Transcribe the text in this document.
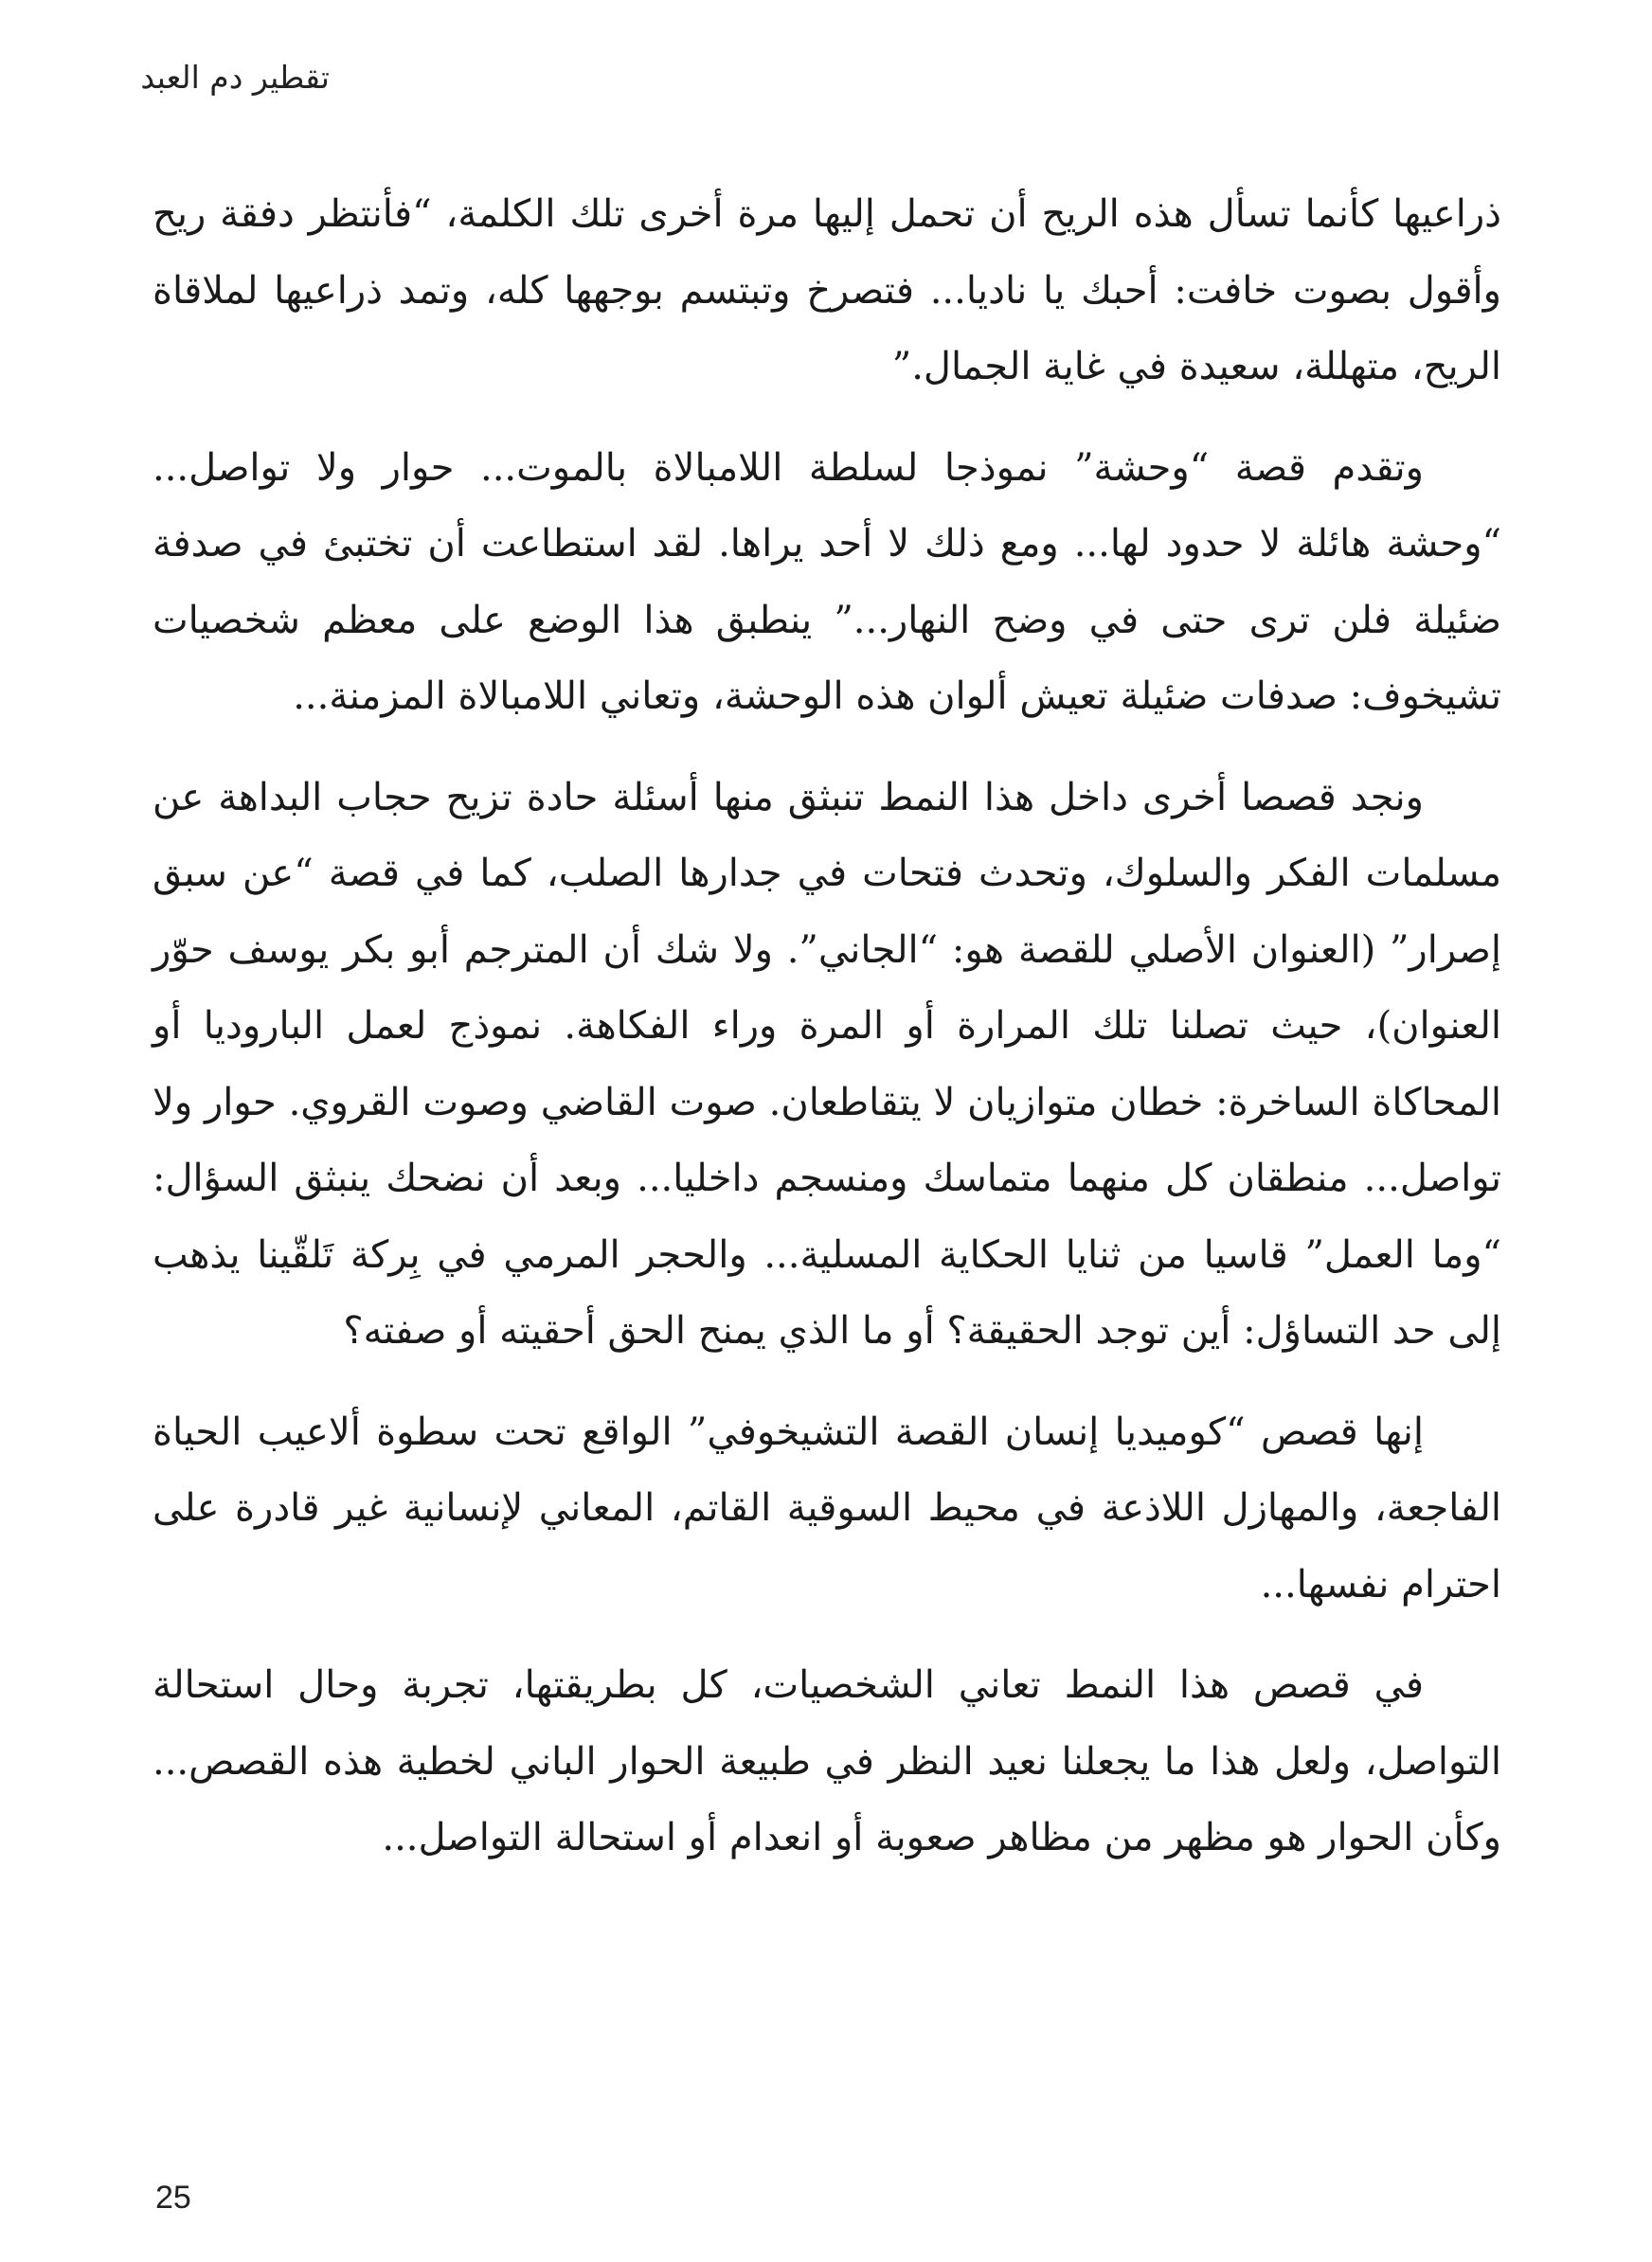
تقطير دم العبد

ذراعيها كأنما تسأل هذه الريح أن تحمل إليها مرة أخرى تلك الكلمة، “فأنتظر دفقة ريح وأقول بصوت خافت: أحبك يا ناديا... فتصرخ وتبتسم بوجهها كله، وتمد ذراعيها لملاقاة الريح، متهللة، سعيدة في غاية الجمال.”

وتقدم قصة “وحشة” نموذجا لسلطة اللامبالاة بالموت... حوار ولا تواصل... “وحشة هائلة لا حدود لها... ومع ذلك لا أحد يراها. لقد استطاعت أن تختبئ في صدفة ضئيلة فلن ترى حتى في وضح النهار...” ينطبق هذا الوضع على معظم شخصيات تشيخوف: صدفات ضئيلة تعيش ألوان هذه الوحشة، وتعاني اللامبالاة المزمنة...

ونجد قصصا أخرى داخل هذا النمط تنبثق منها أسئلة حادة تزيح حجاب البداهة عن مسلمات الفكر والسلوك، وتحدث فتحات في جدارها الصلب، كما في قصة “عن سبق إصرار” (العنوان الأصلي للقصة هو: “الجاني”. ولا شك أن المترجم أبو بكر يوسف حوّر العنوان)، حيث تصلنا تلك المرارة أو المرة وراء الفكاهة. نموذج لعمل الباروديا أو المحاكاة الساخرة: خطان متوازيان لا يتقاطعان. صوت القاضي وصوت القروي. حوار ولا تواصل... منطقان كل منهما متماسك ومنسجم داخليا... وبعد أن نضحك ينبثق السؤال: “وما العمل” قاسيا من ثنايا الحكاية المسلية... والحجر المرمي في بِركة تَلقّينا يذهب إلى حد التساؤل: أين توجد الحقيقة؟ أو ما الذي يمنح الحق أحقيته أو صفته؟

إنها قصص “كوميديا إنسان القصة التشيخوفي” الواقع تحت سطوة ألاعيب الحياة الفاجعة، والمهازل اللاذعة في محيط السوقية القاتم، المعاني لإنسانية غير قادرة على احترام نفسها...

في قصص هذا النمط تعاني الشخصيات، كل بطريقتها، تجربة وحال استحالة التواصل، ولعل هذا ما يجعلنا نعيد النظر في طبيعة الحوار الباني لخطية هذه القصص... وكأن الحوار هو مظهر من مظاهر صعوبة أو انعدام أو استحالة التواصل...

25
